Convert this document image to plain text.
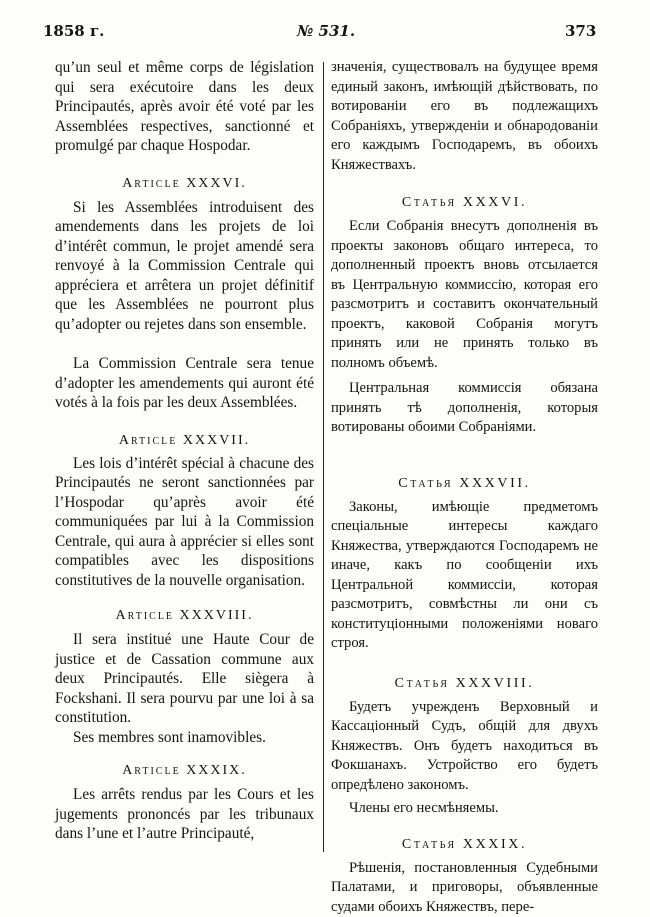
1858 г.	№ 531.	373

qu’un seul et même corps de législation qui sera exécutoire dans les deux Principautés, après avoir été voté par les Assemblées respectives, sanctionné et promulgé par chaque Hospodar.

Article XXXVI.

Si les Assemblées introduisent des amendements dans les projets de loi d’intérêt commun, le projet amendé sera renvoyé à la Commission Centrale qui appréciera et arrêtera un projet définitif que les Assemblées ne pourront plus qu’adopter ou rejetes dans son ensemble.

La Commission Centrale sera tenue d’adopter les amendements qui auront été votés à la fois par les deux Assemblées.

Article XXXVII.

Les lois d’intérêt spécial à chacune des Principautés ne seront sanctionnées par l’Hospodar qu’après avoir été communiquées par lui à la Commission Centrale, qui aura à apprécier si elles sont compatibles avec les dispositions constitutives de la nouvelle organisation.

Article XXXVIII.

Il sera institué une Haute Cour de justice et de Cassation commune aux deux Principautés. Elle siègera à Fockshani. Il sera pourvu par une loi à sa constitution.

Ses membres sont inamovibles.

Article XXXIX.

Les arrêts rendus par les Cours et les jugements prononcés par les tribunaux dans l’une et l’autre Principauté,

значенія, существовалъ на будущее время единый законъ, имѣющій дѣйствовать, по вотированіи его въ подлежащихъ Собраніяхъ, утвержденіи и обнародованіи его каждымъ Господаремъ, въ обоихъ Княжествахъ.

Статья XXXVI.

Если Собранія внесутъ дополненія въ проекты законовъ общаго интереса, то дополненный проектъ вновь отсылается въ Центральную коммиссію, которая его разсмотритъ и составитъ окончательный проектъ, каковой Собранія могутъ принять или не принять только въ полномъ объемѣ.

Центральная коммиссія обязана принять тѣ дополненія, которыя вотированы обоими Собраніями.

Статья XXXVII.

Законы, имѣющіе предметомъ спеціальные интересы каждаго Княжества, утверждаются Господаремъ не иначе, какъ по сообщеніи ихъ Центральной коммиссіи, которая разсмотритъ, совмѣстны ли они съ конституціонными положеніями новаго строя.

Статья XXXVIII.

Будетъ учрежденъ Верховный и Кассаціонный Судъ, общій для двухъ Княжествъ. Онъ будетъ находиться въ Фокшанахъ. Устройство его будетъ опредѣлено закономъ.

Члены его несмѣняемы.

Статья XXXIX.

Рѣшенія, постановленныя Судебными Палатами, и приговоры, объявленные судами обоихъ Княжествъ, пере-
